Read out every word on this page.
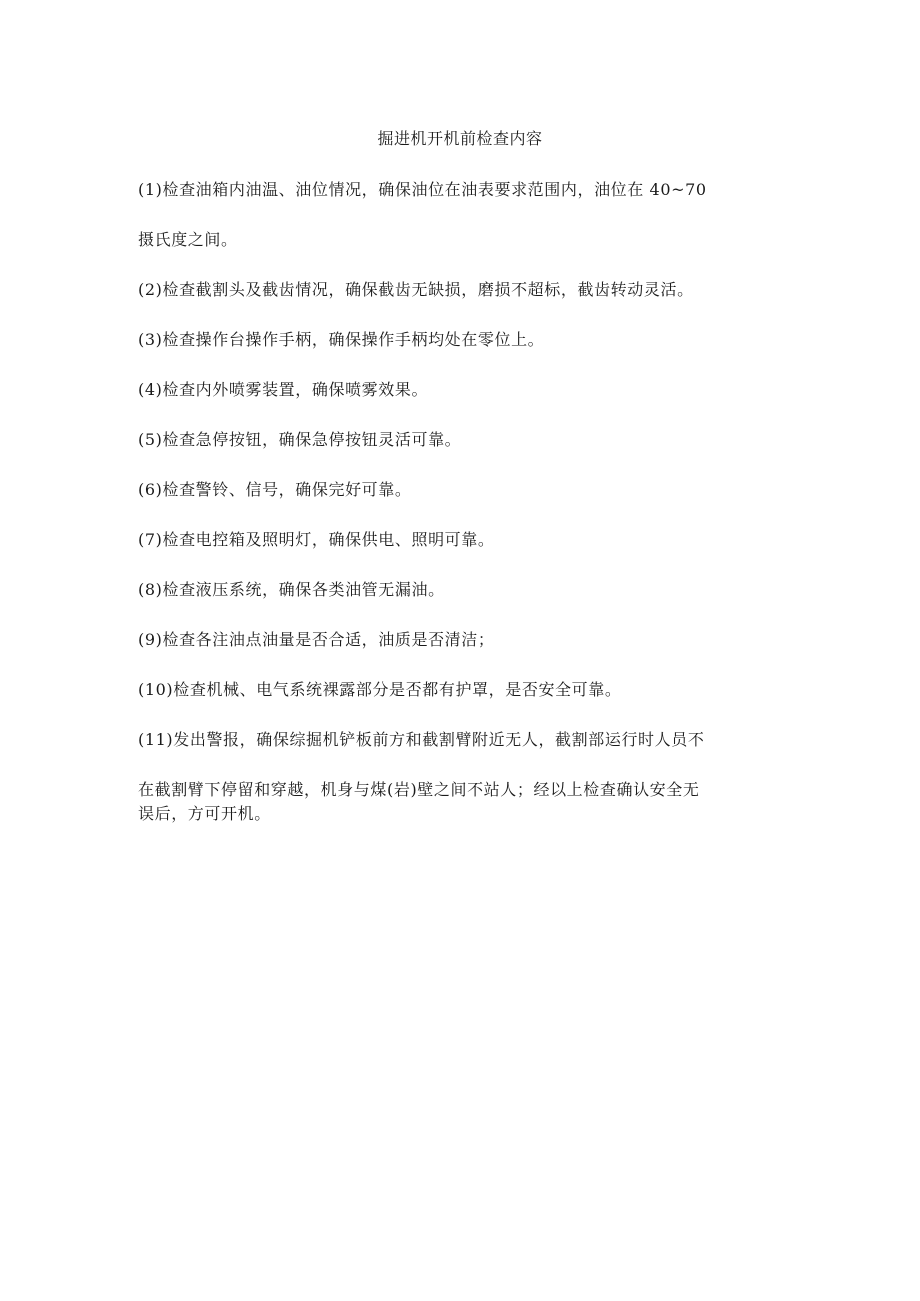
掘进机开机前检查内容
(1)检查油箱内油温、油位情况，确保油位在油表要求范围内，油位在 40~70
摄氏度之间。
(2)检查截割头及截齿情况，确保截齿无缺损，磨损不超标，截齿转动灵活。
(3)检查操作台操作手柄，确保操作手柄均处在零位上。
(4)检查内外喷雾装置，确保喷雾效果。
(5)检查急停按钮，确保急停按钮灵活可靠。
(6)检查警铃、信号，确保完好可靠。
(7)检查电控箱及照明灯，确保供电、照明可靠。
(8)检查液压系统，确保各类油管无漏油。
(9)检查各注油点油量是否合适，油质是否清洁；
(10)检查机械、电气系统裸露部分是否都有护罩，是否安全可靠。
(11)发出警报，确保综掘机铲板前方和截割臂附近无人，截割部运行时人员不
在截割臂下停留和穿越，机身与煤(岩)壁之间不站人；经以上检查确认安全无
误后，方可开机。
